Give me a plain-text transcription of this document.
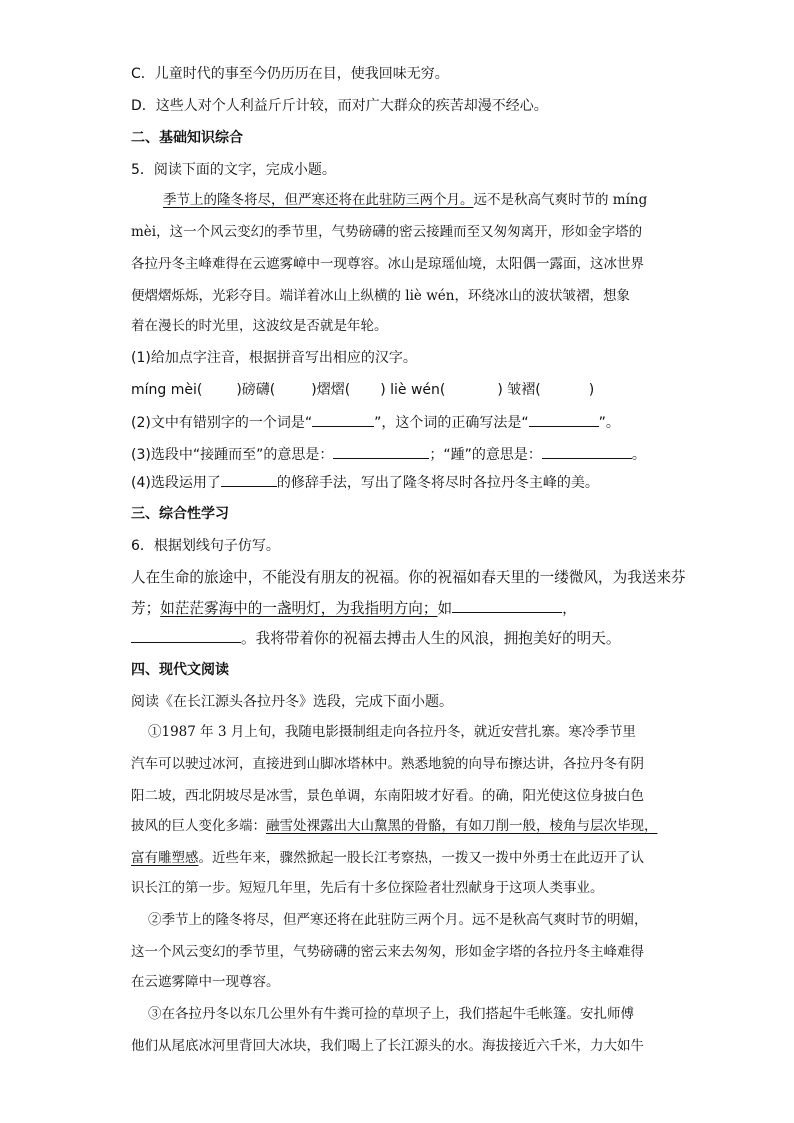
C．儿童时代的事至今仍历历在目，使我回味无穷。
D．这些人对个人利益斤斤计较，而对广大群众的疾苦却漫不经心。
二、基础知识综合
5．阅读下面的文字，完成小题。
季节上的隆冬将尽，但严寒还将在此驻防三两个月。远不是秋高气爽时节的 míng
mèi，这一个风云变幻的季节里，气势磅礴的密云接踵而至又匆匆离开，形如金字塔的
各拉丹冬主峰难得在云遮雾嶂中一现尊容。冰山是琼瑶仙境，太阳偶一露面，这冰世界
便熠熠烁烁，光彩夺目。端详着冰山上纵横的 liè wén，环绕冰山的波状皱褶，想象
着在漫长的时光里，这波纹是否就是年轮。
(1)给加点字注音，根据拼音写出相应的汉字。
míng mèi( )磅礴(	)熠熠( ) liè wén(	) 皱褶(	)
(2)文中有错别字的一个词是“	”，这个词的正确写法是“	”。
(3)选段中“接踵而至”的意思是：	；“踵”的意思是：	。
(4)选段运用了	的修辞手法，写出了隆冬将尽时各拉丹冬主峰的美。
三、综合性学习
6．根据划线句子仿写。
人在生命的旅途中，不能没有朋友的祝福。你的祝福如春天里的一缕微风，为我送来芬
芳；如茫茫雾海中的一盏明灯，为我指明方向；如	，
。我将带着你的祝福去搏击人生的风浪，拥抱美好的明天。
四、现代文阅读
阅读《在长江源头各拉丹冬》选段，完成下面小题。
①1987 年 3 月上旬，我随电影摄制组走向各拉丹冬，就近安营扎寨。寒冷季节里
汽车可以驶过冰河，直接进到山脚冰塔林中。熟悉地貌的向导布擦达讲，各拉丹冬有阴
阳二坡，西北阴坡尽是冰雪，景色单调，东南阳坡才好看。的确，阳光使这位身披白色
披风的巨人变化多端：融雪处裸露出大山黧黑的骨骼，有如刀削一般，棱角与层次毕现，
富有雕塑感。近些年来，骤然掀起一股长江考察热，一拨又一拨中外勇士在此迈开了认
识长江的第一步。短短几年里，先后有十多位探险者壮烈献身于这项人类事业。
②季节上的隆冬将尽，但严寒还将在此驻防三两个月。远不是秋高气爽时节的明媚，
这一个风云变幻的季节里，气势磅礴的密云来去匆匆，形如金字塔的各拉丹冬主峰难得
在云遮雾障中一现尊容。
③在各拉丹冬以东几公里外有牛粪可捡的草坝子上，我们搭起牛毛帐篷。安扎师傅
他们从尾底冰河里背回大冰块，我们喝上了长江源头的水。海拔接近六千米，力大如牛
